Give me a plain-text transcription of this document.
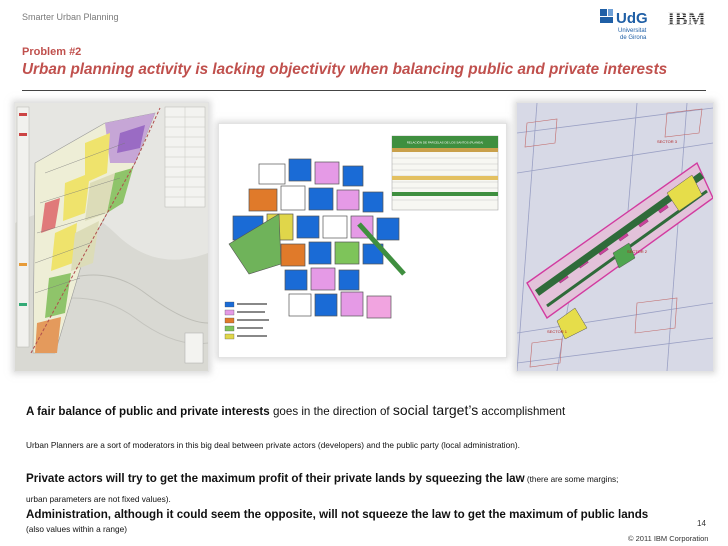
Smarter Urban Planning	UdG
Universitat
de Girona
IBM
Problem #2
Urban planning activity is lacking objectivity when balancing public and private interests
RELACIÓN DE PARCELAS DE LOS SANTOS (PLANEA)
SECTOR 1
SECTOR 2
SECTOR 3
A fair balance of public and private interests goes in the direction of social target’s accomplishment
Urban Planners are a sort of moderators in this big deal between private actors (developers) and the public party (local administration).
Private actors will try to get the maximum profit of their private lands by squeezing the law (there are some margins;
urban parameters are not fixed values).
Administration, although it could seem the opposite, will not squeeze the law to get the maximum of public lands
(also values within a range)
14
© 2011 IBM Corporation
